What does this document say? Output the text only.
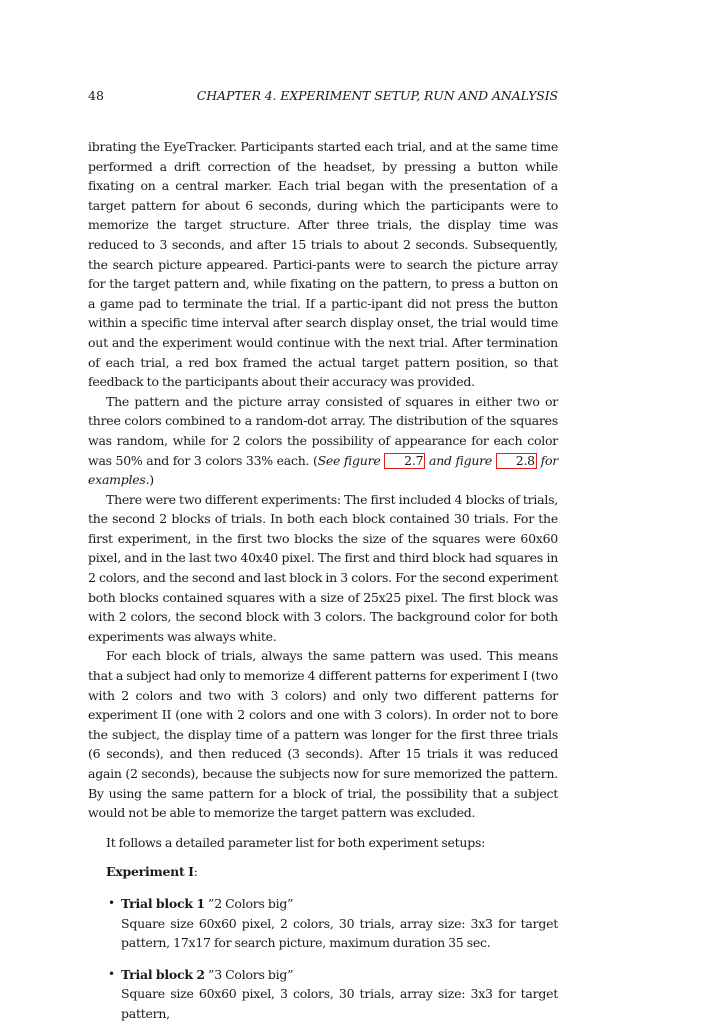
48	CHAPTER 4. EXPERIMENT SETUP, RUN AND ANALYSIS

ibrating the EyeTracker. Participants started each trial, and at the same time performed a drift correction of the headset, by pressing a button while fixating on a central marker. Each trial began with the presentation of a target pattern for about 6 seconds, during which the participants were to memorize the target structure. After three trials, the display time was reduced to 3 seconds, and after 15 trials to about 2 seconds. Subsequently, the search picture appeared. Partici-pants were to search the picture array for the target pattern and, while fixating on the pattern, to press a button on a game pad to terminate the trial. If a partic-ipant did not press the button within a specific time interval after search display onset, the trial would time out and the experiment would continue with the next trial. After termination of each trial, a red box framed the actual target pattern position, so that feedback to the participants about their accuracy was provided.

The pattern and the picture array consisted of squares in either two or three colors combined to a random-dot array. The distribution of the squares was random, while for 2 colors the possibility of appearance for each color was 50% and for 3 colors 33% each. (See figure 2.7 and figure 2.8 for examples.)

There were two different experiments: The first included 4 blocks of trials, the second 2 blocks of trials. In both each block contained 30 trials. For the first experiment, in the first two blocks the size of the squares were 60x60 pixel, and in the last two 40x40 pixel. The first and third block had squares in 2 colors, and the second and last block in 3 colors. For the second experiment both blocks contained squares with a size of 25x25 pixel. The first block was with 2 colors, the second block with 3 colors. The background color for both experiments was always white.

For each block of trials, always the same pattern was used. This means that a subject had only to memorize 4 different patterns for experiment I (two with 2 colors and two with 3 colors) and only two different patterns for experiment II (one with 2 colors and one with 3 colors). In order not to bore the subject, the display time of a pattern was longer for the first three trials (6 seconds), and then reduced (3 seconds). After 15 trials it was reduced again (2 seconds), because the subjects now for sure memorized the pattern. By using the same pattern for a block of trial, the possibility that a subject would not be able to memorize the target pattern was excluded.

It follows a detailed parameter list for both experiment setups:

Experiment I:

• Trial block 1 ”2 Colors big”
Square size 60x60 pixel, 2 colors, 30 trials, array size: 3x3 for target pattern, 17x17 for search picture, maximum duration 35 sec.
• Trial block 2 ”3 Colors big”
Square size 60x60 pixel, 3 colors, 30 trials, array size: 3x3 for target pattern,
